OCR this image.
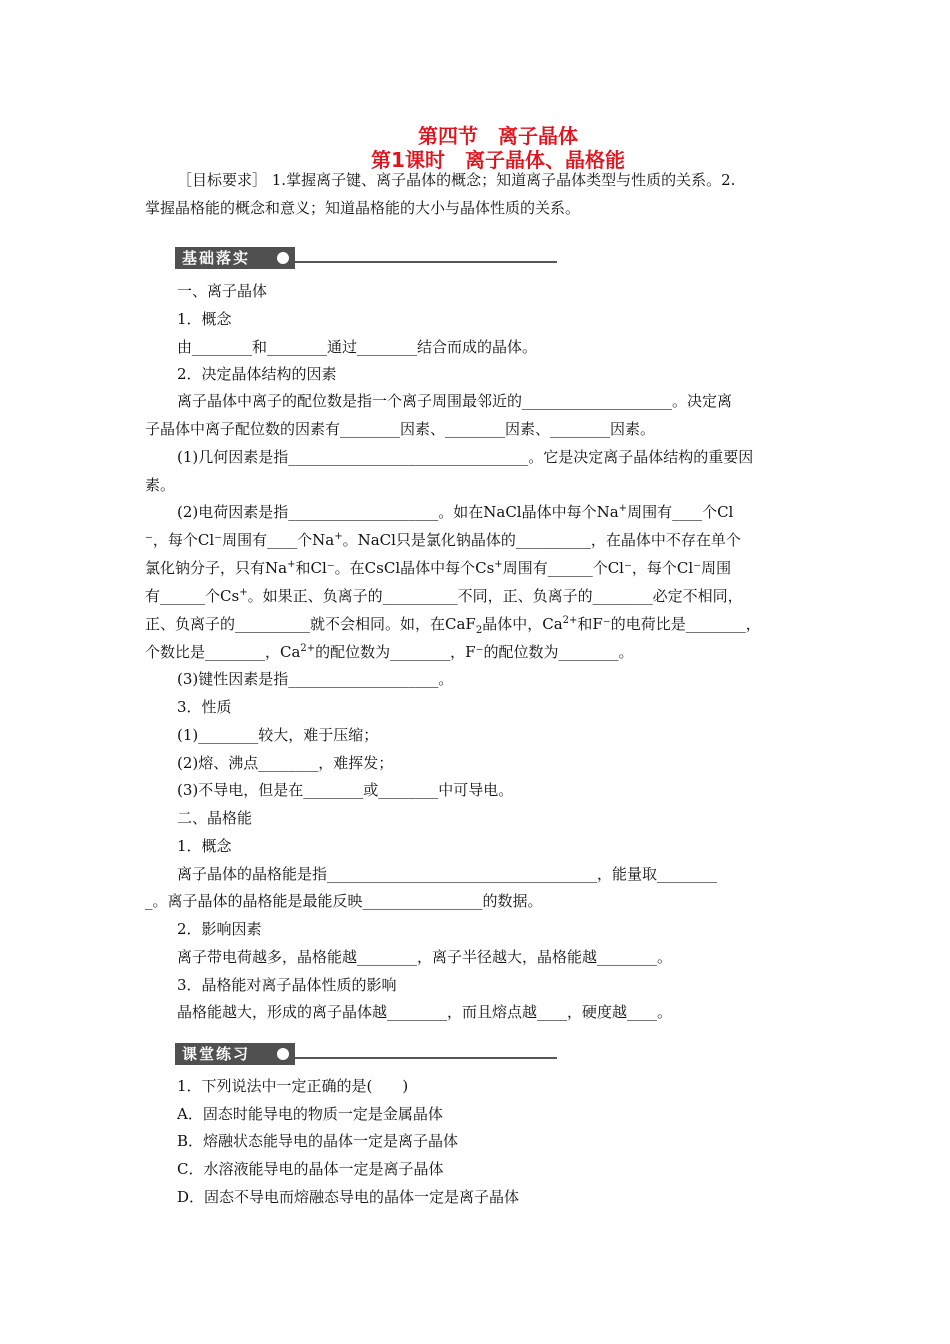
第四节　离子晶体
第1课时　离子晶体、晶格能
［目标要求］ 1.掌握离子键、离子晶体的概念；知道离子晶体类型与性质的关系。2.
掌握晶格能的概念和意义；知道晶格能的大小与晶体性质的关系。
基础落实
一、离子晶体
1．概念
由________和________通过________结合而成的晶体。
2．决定晶体结构的因素
离子晶体中离子的配位数是指一个离子周围最邻近的____________________。决定离
子晶体中离子配位数的因素有________因素、________因素、________因素。
(1)几何因素是指________________________________。它是决定离子晶体结构的重要因
素。
(2)电荷因素是指____________________。如在NaCl晶体中每个Na+周围有____个Cl
⁻，每个Cl⁻周围有____个Na+。NaCl只是氯化钠晶体的__________，在晶体中不存在单个
氯化钠分子，只有Na+和Cl⁻。在CsCl晶体中每个Cs+周围有______个Cl⁻，每个Cl⁻周围
有______个Cs+。如果正、负离子的__________不同，正、负离子的________必定不相同，
正、负离子的__________就不会相同。如，在CaF$_2$晶体中，$Ca^{2+}$和F⁻的电荷比是________，
个数比是________，$Ca^{2+}$的配位数为________，F⁻的配位数为________。
(3)键性因素是指____________________。
3．性质
(1)________较大，难于压缩；
(2)熔、沸点________，难挥发；
(3)不导电，但是在________或________中可导电。
二、晶格能
1．概念
离子晶体的晶格能是指____________________________________，能量取________
_。离子晶体的晶格能是最能反映________________的数据。
2．影响因素
离子带电荷越多，晶格能越________，离子半径越大，晶格能越________。
3．晶格能对离子晶体性质的影响
晶格能越大，形成的离子晶体越________，而且熔点越____，硬度越____。
课堂练习
1．下列说法中一定正确的是(　　)
A．固态时能导电的物质一定是金属晶体
B．熔融状态能导电的晶体一定是离子晶体
C．水溶液能导电的晶体一定是离子晶体
D．固态不导电而熔融态导电的晶体一定是离子晶体
